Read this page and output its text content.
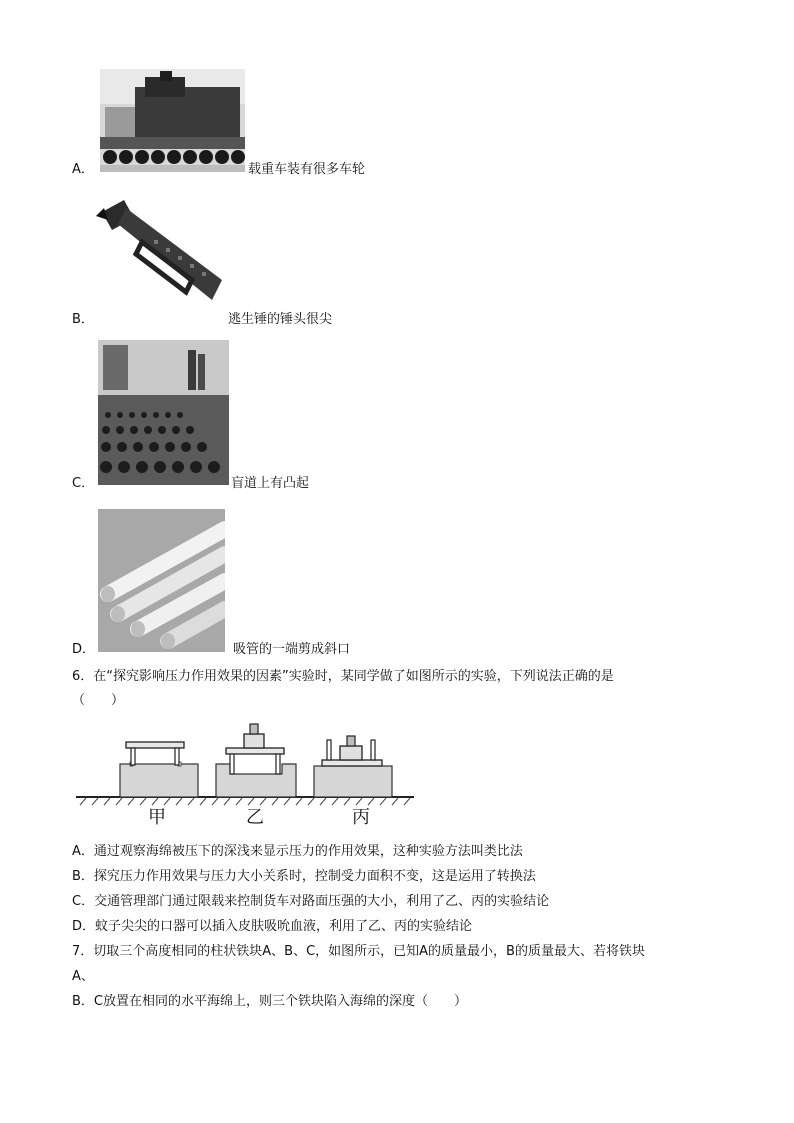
A．	载重车装有很多车轮
B．	逃生锤的锤头很尖
C．	盲道上有凸起
D．	吸管的一端剪成斜口
6．在“探究影响压力作用效果的因素”实验时，某同学做了如图所示的实验，下列说法正确的是
（　　）
甲	乙	丙
A．通过观察海绵被压下的深浅来显示压力的作用效果，这种实验方法叫类比法
B．探究压力作用效果与压力大小关系时，控制受力面积不变，这是运用了转换法
C．交通管理部门通过限载来控制货车对路面压强的大小，利用了乙、丙的实验结论
D．蚊子尖尖的口器可以插入皮肤吸吮血液，利用了乙、丙的实验结论
7．切取三个高度相同的柱状铁块A、B、C，如图所示，已知A的质量最小，B的质量最大、若将铁块
A、
B．C放置在相同的水平海绵上，则三个铁块陷入海绵的深度（　　）
